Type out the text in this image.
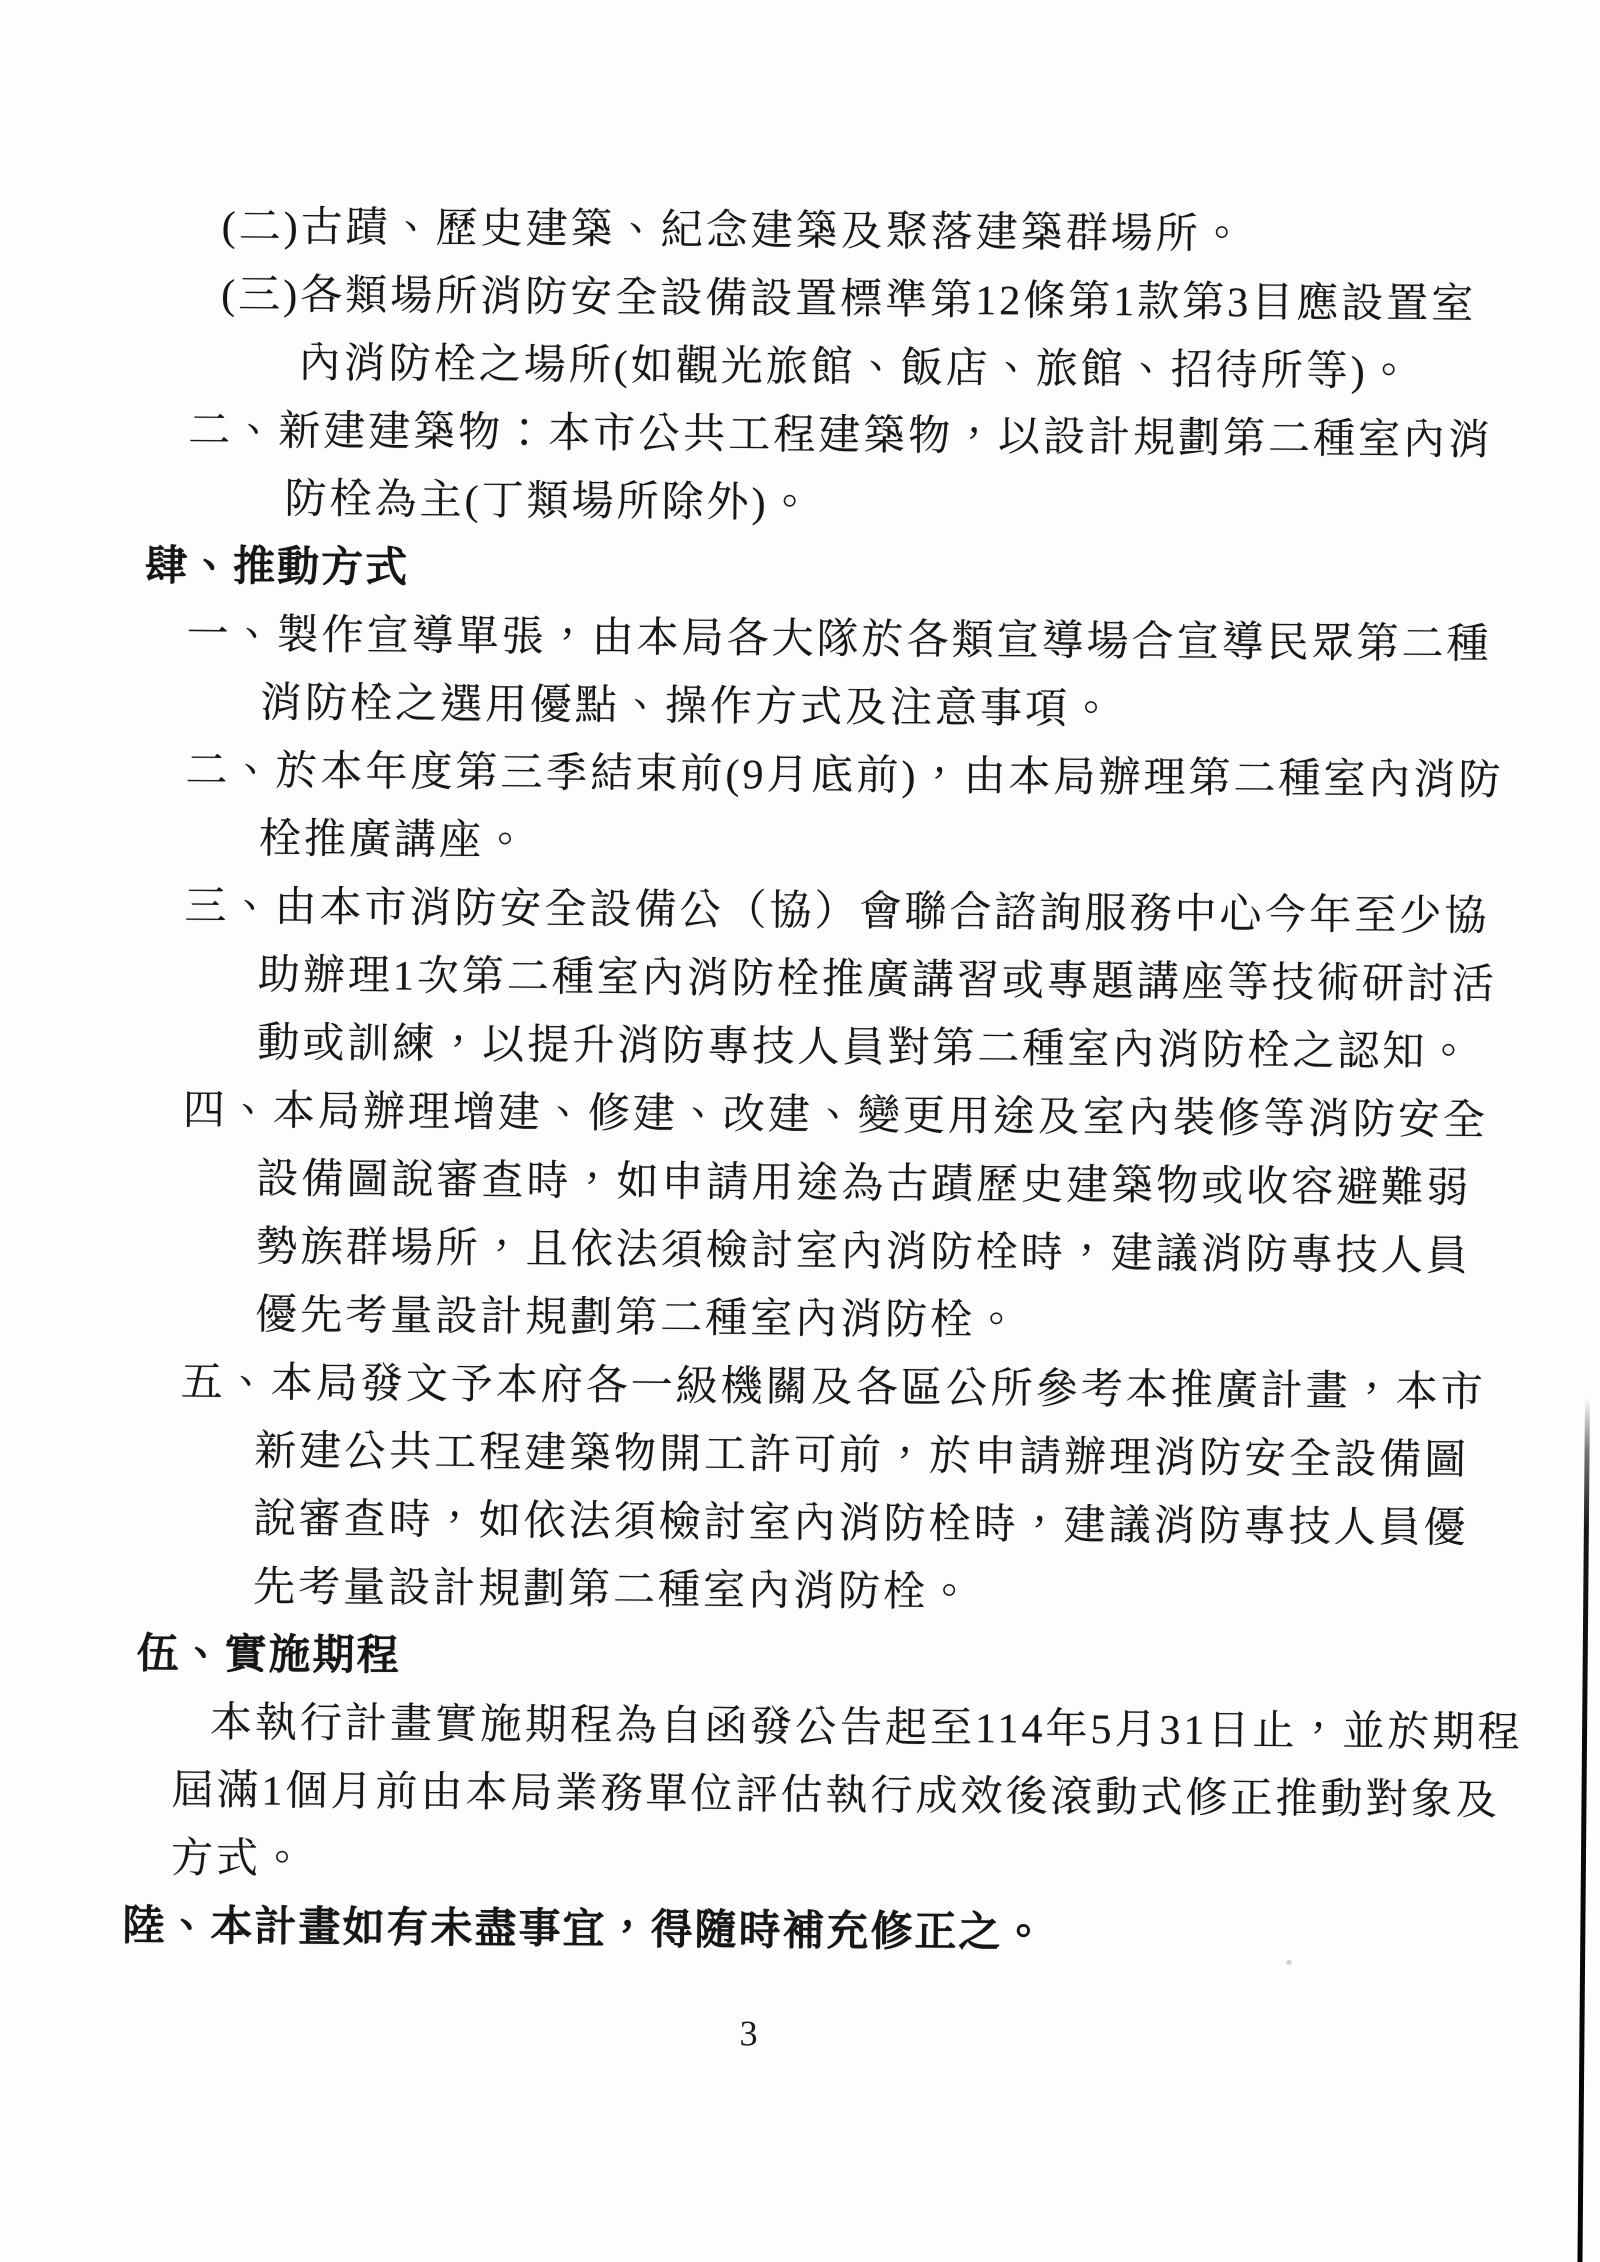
(二)古蹟、歷史建築、紀念建築及聚落建築群場所。
(三)各類場所消防安全設備設置標準第12條第1款第3目應設置室
內消防栓之場所(如觀光旅館、飯店、旅館、招待所等)。
二、新建建築物：本市公共工程建築物，以設計規劃第二種室內消
防栓為主(丁類場所除外)。
肆、推動方式
一、製作宣導單張，由本局各大隊於各類宣導場合宣導民眾第二種
消防栓之選用優點、操作方式及注意事項。
二、於本年度第三季結束前(9月底前)，由本局辦理第二種室內消防
栓推廣講座。
三、由本市消防安全設備公（協）會聯合諮詢服務中心今年至少協
助辦理1次第二種室內消防栓推廣講習或專題講座等技術研討活
動或訓練，以提升消防專技人員對第二種室內消防栓之認知。
四、本局辦理增建、修建、改建、變更用途及室內裝修等消防安全
設備圖說審查時，如申請用途為古蹟歷史建築物或收容避難弱
勢族群場所，且依法須檢討室內消防栓時，建議消防專技人員
優先考量設計規劃第二種室內消防栓。
五、本局發文予本府各一級機關及各區公所參考本推廣計畫，本市
新建公共工程建築物開工許可前，於申請辦理消防安全設備圖
說審查時，如依法須檢討室內消防栓時，建議消防專技人員優
先考量設計規劃第二種室內消防栓。
伍、實施期程
本執行計畫實施期程為自函發公告起至114年5月31日止，並於期程
屆滿1個月前由本局業務單位評估執行成效後滾動式修正推動對象及
方式。
陸、本計畫如有未盡事宜，得隨時補充修正之。
3
